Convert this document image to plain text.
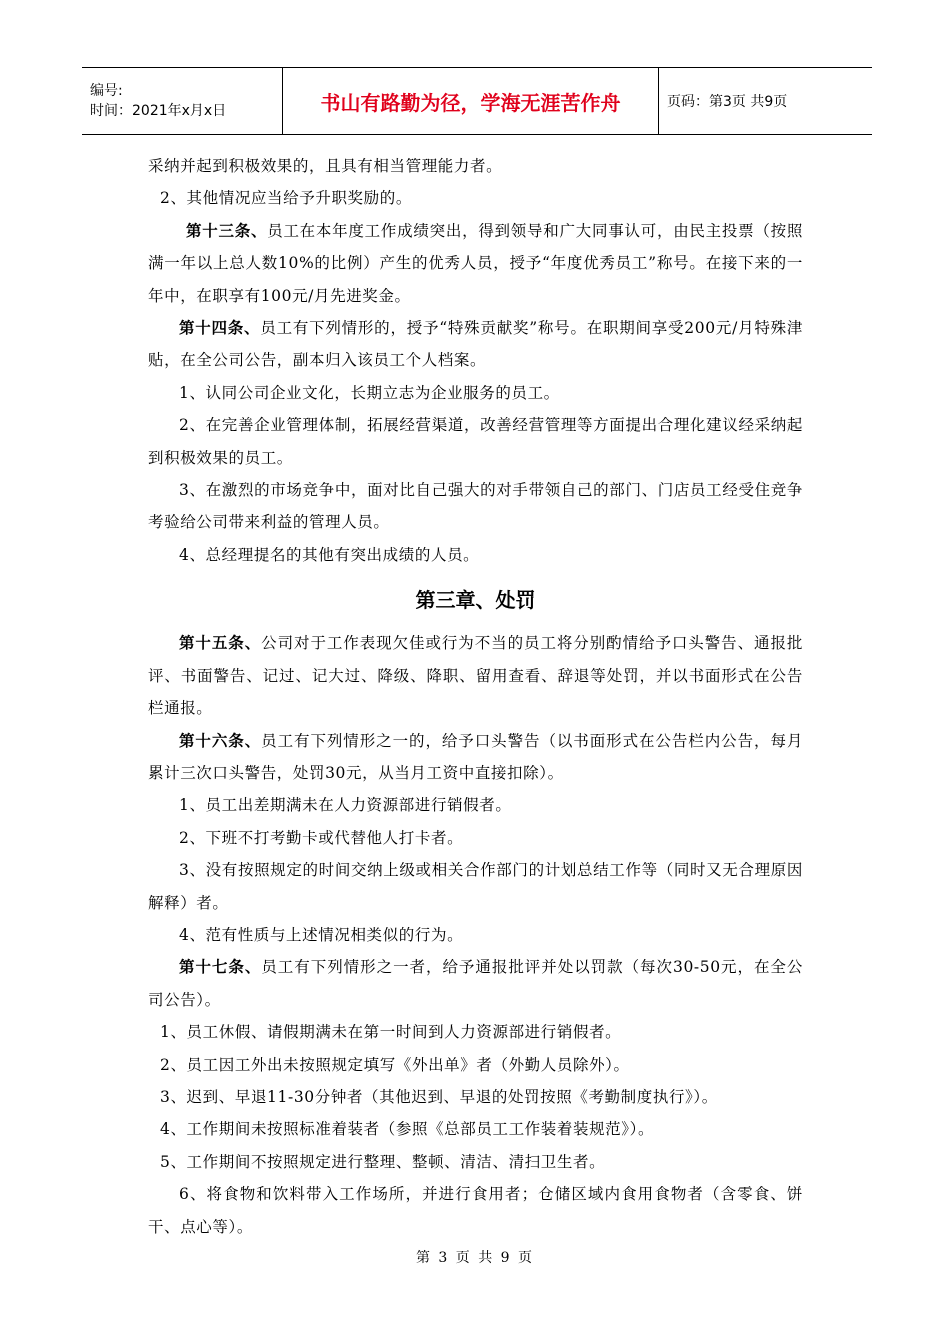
编号:
时间：2021年x月x日	书山有路勤为径，学海无涯苦作舟	页码：第3页 共9页

采纳并起到积极效果的，且具有相当管理能力者。

2、其他情况应当给予升职奖励的。

第十三条、员工在本年度工作成绩突出，得到领导和广大同事认可，由民主投票（按照满一年以上总人数10%的比例）产生的优秀人员，授予“年度优秀员工”称号。在接下来的一年中，在职享有100元/月先进奖金。

第十四条、员工有下列情形的，授予“特殊贡献奖”称号。在职期间享受200元/月特殊津贴，在全公司公告，副本归入该员工个人档案。

1、认同公司企业文化，长期立志为企业服务的员工。

2、在完善企业管理体制，拓展经营渠道，改善经营管理等方面提出合理化建议经采纳起到积极效果的员工。

3、在激烈的市场竞争中，面对比自己强大的对手带领自己的部门、门店员工经受住竞争考验给公司带来利益的管理人员。

4、总经理提名的其他有突出成绩的人员。

第三章、处罚

第十五条、公司对于工作表现欠佳或行为不当的员工将分别酌情给予口头警告、通报批评、书面警告、记过、记大过、降级、降职、留用查看、辞退等处罚，并以书面形式在公告栏通报。

第十六条、员工有下列情形之一的，给予口头警告（以书面形式在公告栏内公告，每月累计三次口头警告，处罚30元，从当月工资中直接扣除）。

1、员工出差期满未在人力资源部进行销假者。

2、下班不打考勤卡或代替他人打卡者。

3、没有按照规定的时间交纳上级或相关合作部门的计划总结工作等（同时又无合理原因解释）者。

4、范有性质与上述情况相类似的行为。

第十七条、员工有下列情形之一者，给予通报批评并处以罚款（每次30-50元，在全公司公告）。

1、员工休假、请假期满未在第一时间到人力资源部进行销假者。

2、员工因工外出未按照规定填写《外出单》者（外勤人员除外）。

3、迟到、早退11-30分钟者（其他迟到、早退的处罚按照《考勤制度执行》）。

4、工作期间未按照标准着装者（参照《总部员工工作装着装规范》）。

5、工作期间不按照规定进行整理、整顿、清洁、清扫卫生者。

6、将食物和饮料带入工作场所，并进行食用者；仓储区域内食用食物者（含零食、饼干、点心等）。

第 3 页 共 9 页
